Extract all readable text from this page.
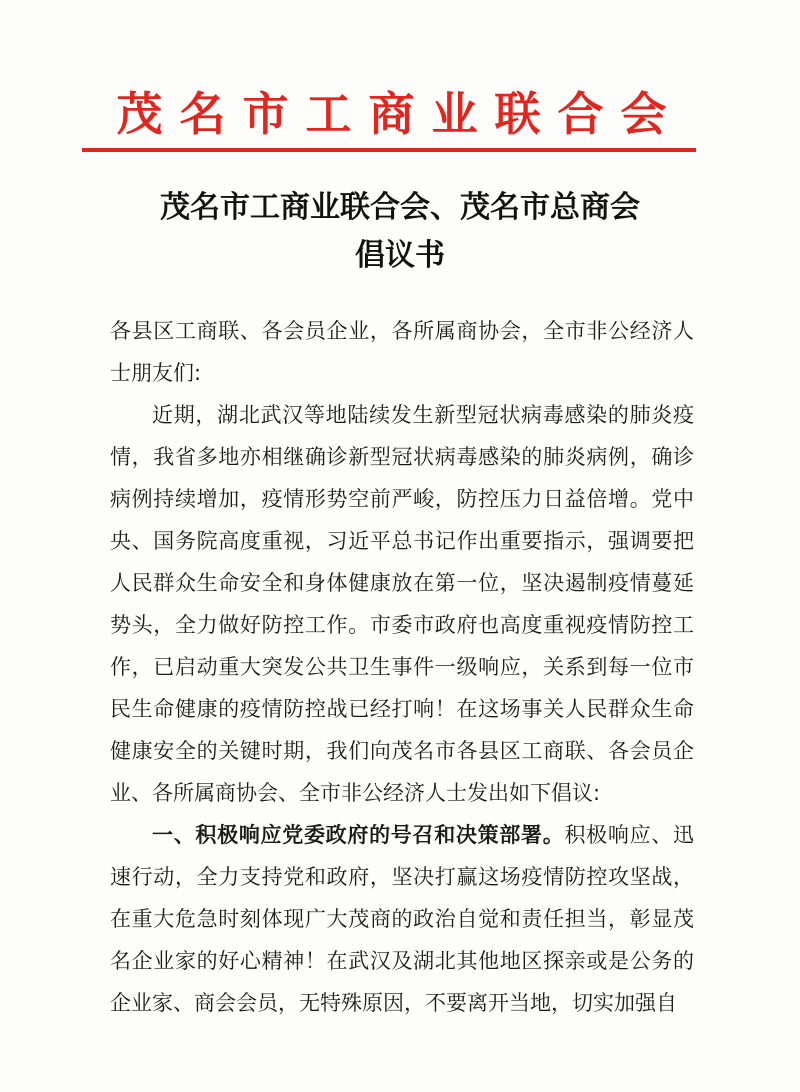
茂名市工商业联合会
茂名市工商业联合会、茂名市总商会
倡议书

各县区工商联、各会员企业，各所属商协会，全市非公经济人士朋友们:

近期，湖北武汉等地陆续发生新型冠状病毒感染的肺炎疫情，我省多地亦相继确诊新型冠状病毒感染的肺炎病例，确诊病例持续增加，疫情形势空前严峻，防控压力日益倍增。党中央、国务院高度重视，习近平总书记作出重要指示，强调要把人民群众生命安全和身体健康放在第一位，坚决遏制疫情蔓延势头，全力做好防控工作。市委市政府也高度重视疫情防控工作，已启动重大突发公共卫生事件一级响应，关系到每一位市民生命健康的疫情防控战已经打响！在这场事关人民群众生命健康安全的关键时期，我们向茂名市各县区工商联、各会员企业、各所属商协会、全市非公经济人士发出如下倡议:

一、积极响应党委政府的号召和决策部署。积极响应、迅速行动，全力支持党和政府，坚决打赢这场疫情防控攻坚战，在重大危急时刻体现广大茂商的政治自觉和责任担当，彰显茂名企业家的好心精神！在武汉及湖北其他地区探亲或是公务的企业家、商会会员，无特殊原因，不要离开当地，切实加强自
